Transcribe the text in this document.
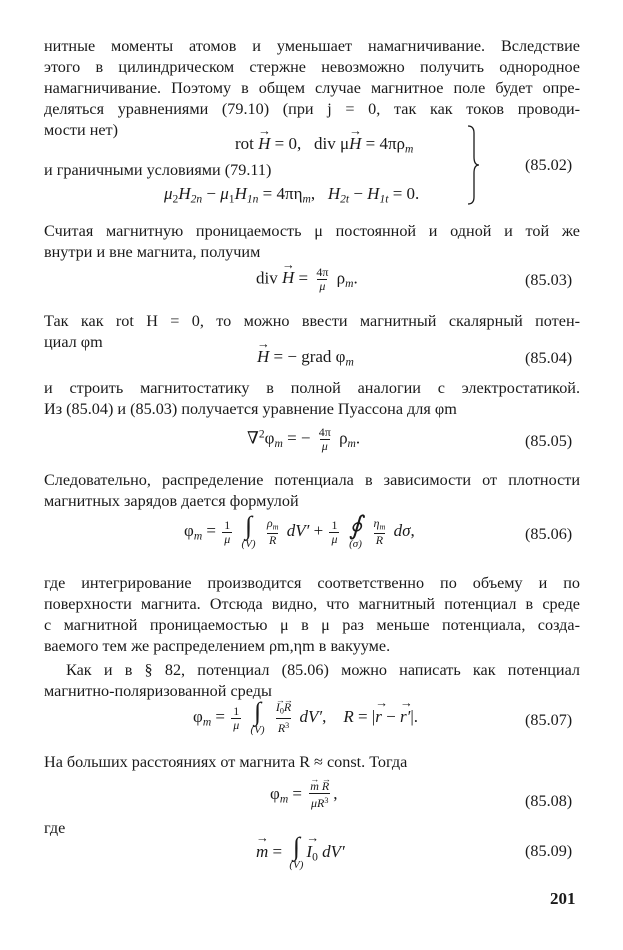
нитные моменты атомов и уменьшает намагничивание. Вследствие
этого в цилиндрическом стержне невозможно получить однородное
намагничивание. Поэтому в общем случае магнитное поле будет опре-
деляться уравнениями (79.10) (при j = 0, так как токов проводи-
мости нет)
rot → H = 0,   div $\mu\to H = 4\pi\rho_m$
и граничными условиями (79.11)
$\mu_2H_{2n} - \mu_1H_{1n} = 4\pi\eta_m$,   $H_{2t} - H_{1t} = 0$.
(85.02)
Считая магнитную проницаемость μ постоянной и одной и той же
внутри и вне магнита, получим
div → $H = \frac{4\pi}{\mu} \rho_m$.	(85.03)
Так как rot H = 0, то можно ввести магнитный скалярный потен-
циал φm
→ H = − grad $\varphi_m$	(85.04)
и строить магнитостатику в полной аналогии с электростатикой.
Из (85.04) и (85.03) получается уравнение Пуассона для φm
$\nabla^2\varphi_m$ = − $\frac{4\pi}{\mu} \rho_m$.	(85.05)
Следовательно, распределение потенциала в зависимости от плотности
магнитных зарядов дается формулой
$\varphi_m = \frac{1}{\mu}$
∫
(V)
$\frac{\rho_m}{R} dV' + \frac{1}{\mu}$
∮
(σ)
$\frac{\eta_m}{R} d\sigma$,	(85.06)
где интегрирование производится соответственно по объему и по
поверхности магнита. Отсюда видно, что магнитный потенциал в среде
с магнитной проницаемостью μ в μ раз меньше потенциала, созда-
ваемого тем же распределением ρm,ηm в вакууме.
Как и в § 82, потенциал (85.06) можно написать как потенциал
магнитно-поляризованной среды
$\varphi_m = \frac{1}{\mu}$
∫
(V)
→ $\frac{I_0\to R}{R^3} dV'$,    R = |→ r − → r′|.	(85.07)
На больших расстояниях от магнита R ≈ const. Тогда
$\varphi_m$ = → $\frac{m \to R}{\mu R^3}$ ,	(85.08)
где
→ m = ∫
(V)
→ $I_0$ dV′	(85.09)
201
